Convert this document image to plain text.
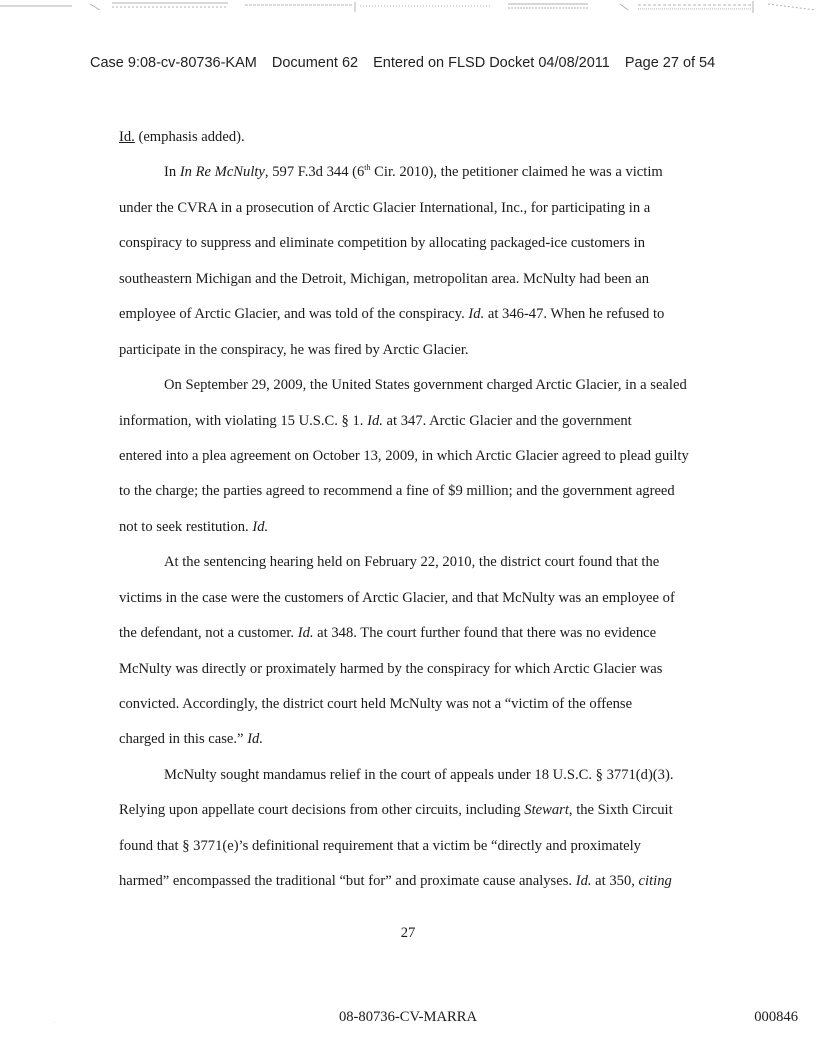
Case 9:08-cv-80736-KAM Document 62 Entered on FLSD Docket 04/08/2011 Page 27 of 54
Id. (emphasis added).
In In Re McNulty, 597 F.3d 344 (6th Cir. 2010), the petitioner claimed he was a victim
under the CVRA in a prosecution of Arctic Glacier International, Inc., for participating in a
conspiracy to suppress and eliminate competition by allocating packaged-ice customers in
southeastern Michigan and the Detroit, Michigan, metropolitan area. McNulty had been an
employee of Arctic Glacier, and was told of the conspiracy. Id. at 346-47. When he refused to
participate in the conspiracy, he was fired by Arctic Glacier.
On September 29, 2009, the United States government charged Arctic Glacier, in a sealed
information, with violating 15 U.S.C. § 1. Id. at 347. Arctic Glacier and the government
entered into a plea agreement on October 13, 2009, in which Arctic Glacier agreed to plead guilty
to the charge; the parties agreed to recommend a fine of $9 million; and the government agreed
not to seek restitution. Id.
At the sentencing hearing held on February 22, 2010, the district court found that the
victims in the case were the customers of Arctic Glacier, and that McNulty was an employee of
the defendant, not a customer. Id. at 348. The court further found that there was no evidence
McNulty was directly or proximately harmed by the conspiracy for which Arctic Glacier was
convicted. Accordingly, the district court held McNulty was not a “victim of the offense
charged in this case.” Id.
McNulty sought mandamus relief in the court of appeals under 18 U.S.C. § 3771(d)(3).
Relying upon appellate court decisions from other circuits, including Stewart, the Sixth Circuit
found that § 3771(e)’s definitional requirement that a victim be “directly and proximately
harmed” encompassed the traditional “but for” and proximate cause analyses. Id. at 350, citing
27
08-80736-CV-MARRA	000846
